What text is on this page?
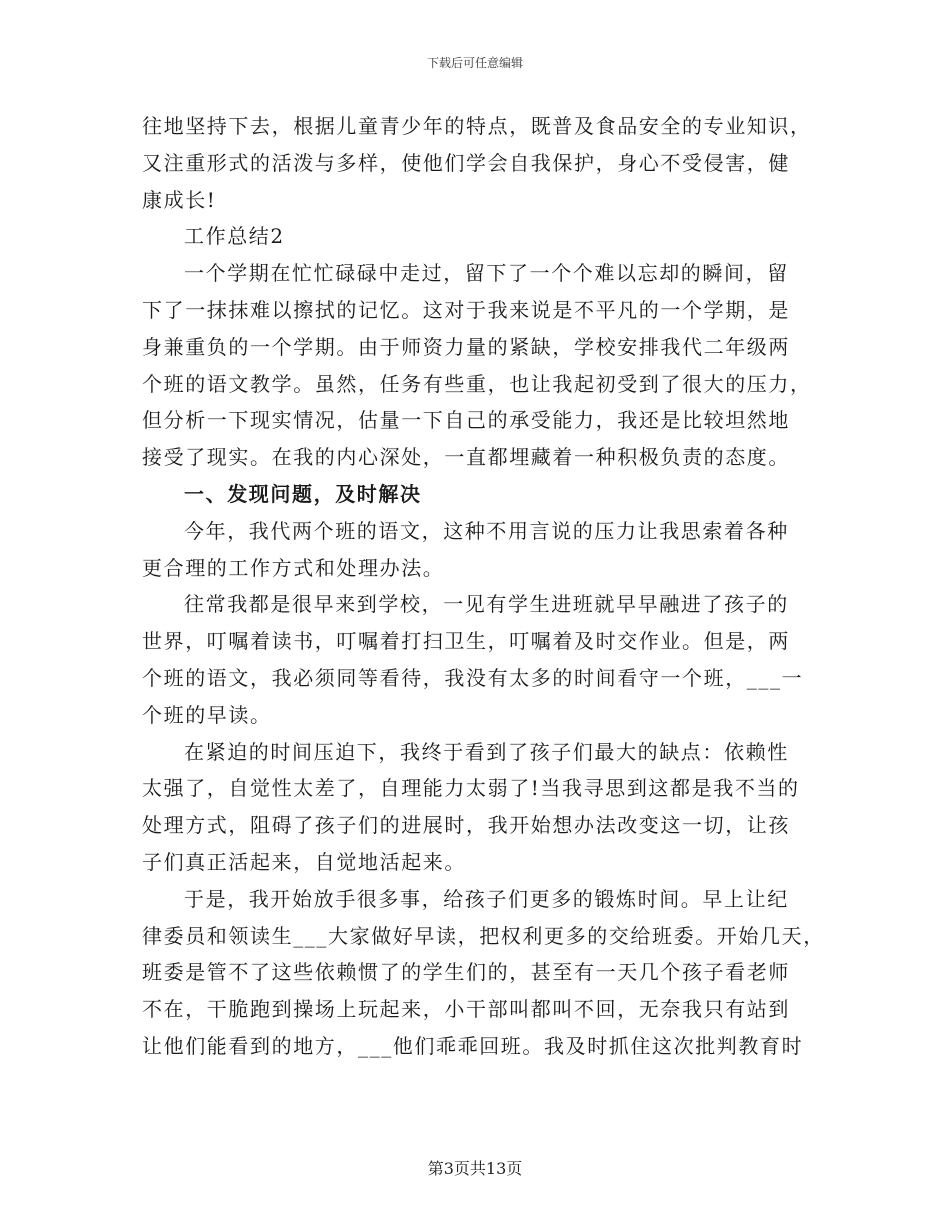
下载后可任意编辑
往地坚持下去，根据儿童青少年的特点，既普及食品安全的专业知识，
又注重形式的活泼与多样，使他们学会自我保护，身心不受侵害，健
康成长!
工作总结2
一个学期在忙忙碌碌中走过，留下了一个个难以忘却的瞬间，留
下了一抹抹难以擦拭的记忆。这对于我来说是不平凡的一个学期，是
身兼重负的一个学期。由于师资力量的紧缺，学校安排我代二年级两
个班的语文教学。虽然，任务有些重，也让我起初受到了很大的压力，
但分析一下现实情况，估量一下自己的承受能力，我还是比较坦然地
接受了现实。在我的内心深处，一直都埋藏着一种积极负责的态度。
一、发现问题，及时解决
今年，我代两个班的语文，这种不用言说的压力让我思索着各种
更合理的工作方式和处理办法。
往常我都是很早来到学校，一见有学生进班就早早融进了孩子的
世界，叮嘱着读书，叮嘱着打扫卫生，叮嘱着及时交作业。但是，两
个班的语文，我必须同等看待，我没有太多的时间看守一个班，___一
个班的早读。
在紧迫的时间压迫下，我终于看到了孩子们最大的缺点：依赖性
太强了，自觉性太差了，自理能力太弱了!当我寻思到这都是我不当的
处理方式，阻碍了孩子们的进展时，我开始想办法改变这一切，让孩
子们真正活起来，自觉地活起来。
于是，我开始放手很多事，给孩子们更多的锻炼时间。早上让纪
律委员和领读生___大家做好早读，把权利更多的交给班委。开始几天，
班委是管不了这些依赖惯了的学生们的，甚至有一天几个孩子看老师
不在，干脆跑到操场上玩起来，小干部叫都叫不回，无奈我只有站到
让他们能看到的地方，___他们乖乖回班。我及时抓住这次批判教育时
第3页共13页
